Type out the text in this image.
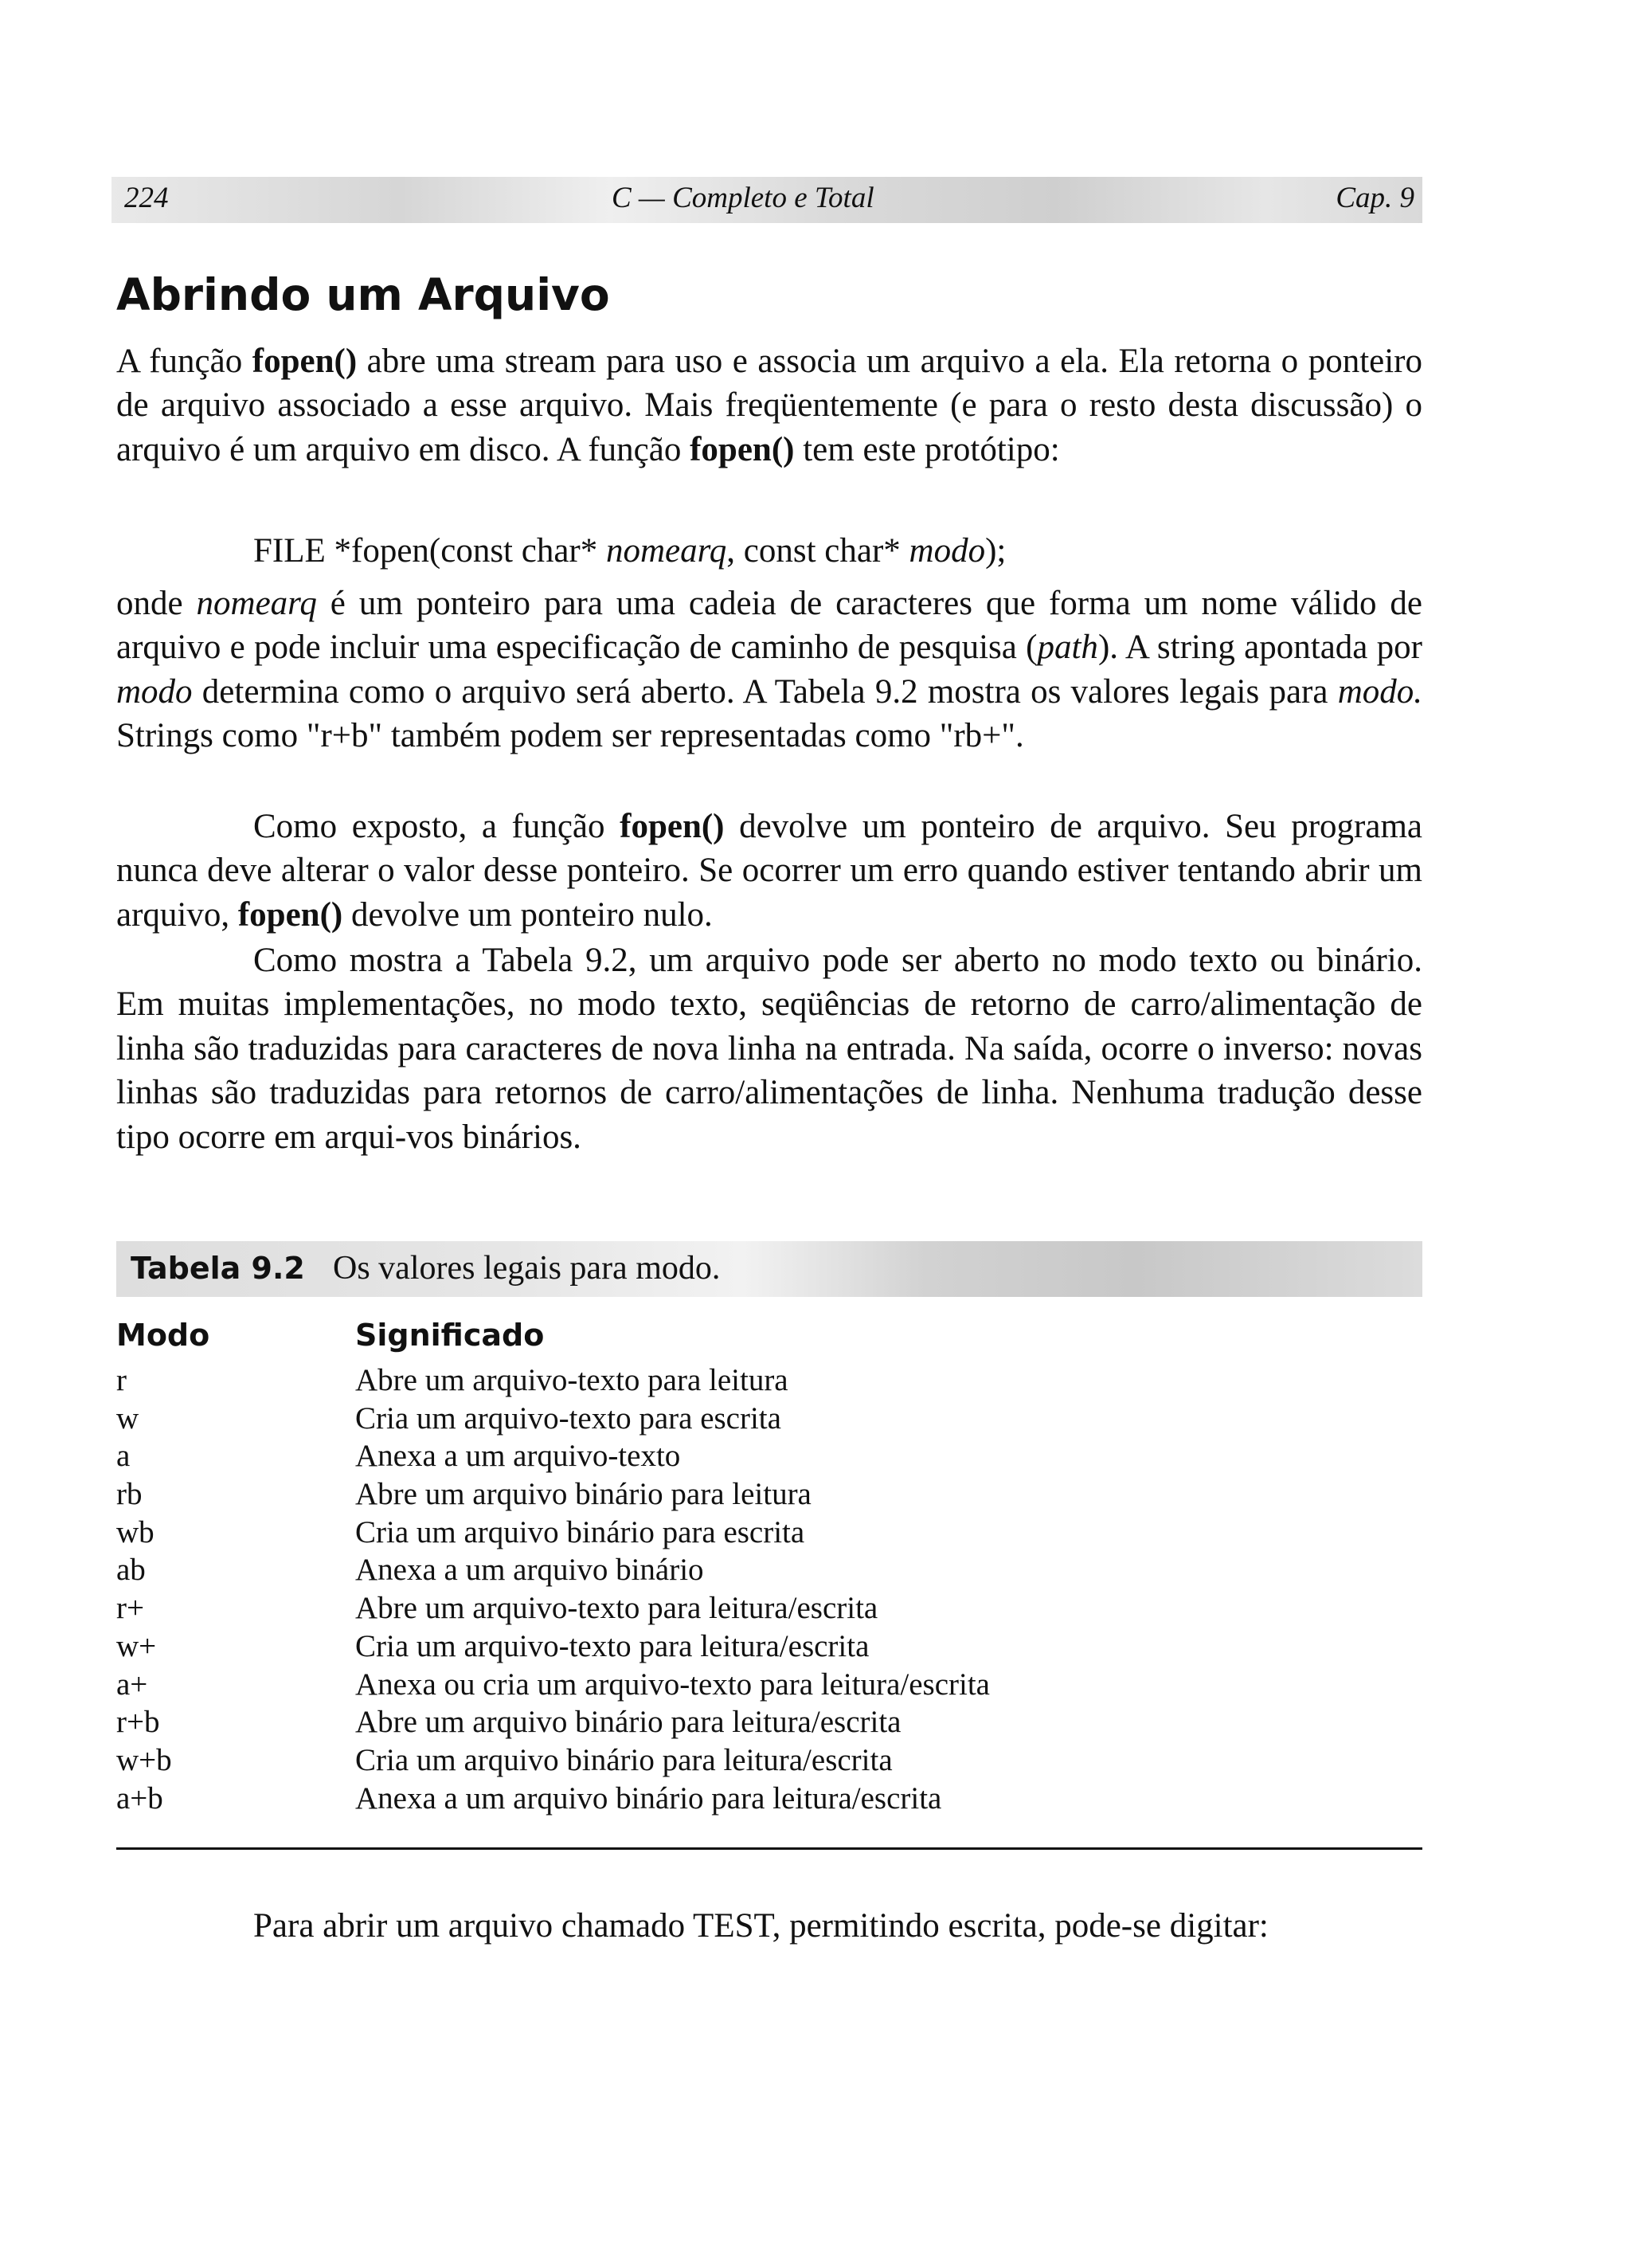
224	C — Completo e Total	Cap. 9
Abrindo um Arquivo

A função fopen() abre uma stream para uso e associa um arquivo a ela. Ela retorna o ponteiro de arquivo associado a esse arquivo. Mais freqüentemente (e para o resto desta discussão) o arquivo é um arquivo em disco. A função fopen() tem este protótipo:

FILE *fopen(const char* nomearq, const char* modo);

onde nomearq é um ponteiro para uma cadeia de caracteres que forma um nome válido de arquivo e pode incluir uma especificação de caminho de pesquisa (path). A string apontada por modo determina como o arquivo será aberto. A Tabela 9.2 mostra os valores legais para modo. Strings como "r+b" também podem ser representadas como "rb+".

Como exposto, a função fopen() devolve um ponteiro de arquivo. Seu programa nunca deve alterar o valor desse ponteiro. Se ocorrer um erro quando estiver tentando abrir um arquivo, fopen() devolve um ponteiro nulo.

Como mostra a Tabela 9.2, um arquivo pode ser aberto no modo texto ou binário. Em muitas implementações, no modo texto, seqüências de retorno de carro/alimentação de linha são traduzidas para caracteres de nova linha na entrada. Na saída, ocorre o inverso: novas linhas são traduzidas para retornos de carro/alimentações de linha. Nenhuma tradução desse tipo ocorre em arqui-vos binários.

Tabela 9.2 Os valores legais para modo.
Modo	Significado
r	Abre um arquivo-texto para leitura
w	Cria um arquivo-texto para escrita
a	Anexa a um arquivo-texto
rb	Abre um arquivo binário para leitura
wb	Cria um arquivo binário para escrita
ab	Anexa a um arquivo binário
r+	Abre um arquivo-texto para leitura/escrita
w+	Cria um arquivo-texto para leitura/escrita
a+	Anexa ou cria um arquivo-texto para leitura/escrita
r+b	Abre um arquivo binário para leitura/escrita
w+b	Cria um arquivo binário para leitura/escrita
a+b	Anexa a um arquivo binário para leitura/escrita

Para abrir um arquivo chamado TEST, permitindo escrita, pode-se digitar:
